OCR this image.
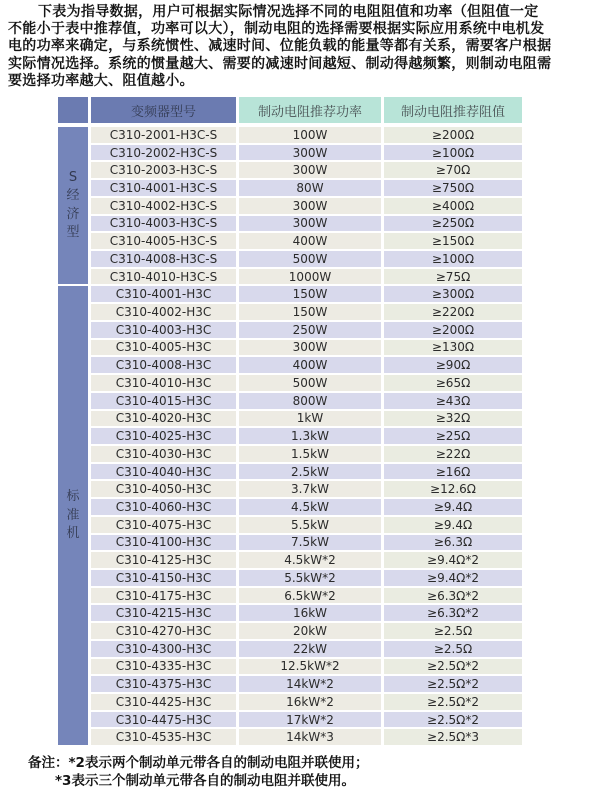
下表为指导数据，用户可根据实际情况选择不同的电阻阻值和功率（但阻值一定
不能小于表中推荐值，功率可以大），制动电阻的选择需要根据实际应用系统中电机发
电的功率来确定，与系统惯性、减速时间、位能负载的能量等都有关系，需要客户根据
实际情况选择。系统的惯量越大、需要的减速时间越短、制动得越频繁，则制动电阻需
要选择功率越大、阻值越小。
变频器型号	制动电阻推荐功率	制动电阻推荐阻值
S
经
济
型
C310-2001-H3C-S	100W	≥200Ω
C310-2002-H3C-S	300W	≥100Ω
C310-2003-H3C-S	300W	≥70Ω
C310-4001-H3C-S	80W	≥750Ω
C310-4002-H3C-S	300W	≥400Ω
C310-4003-H3C-S	300W	≥250Ω
C310-4005-H3C-S	400W	≥150Ω
C310-4008-H3C-S	500W	≥100Ω
C310-4010-H3C-S	1000W	≥75Ω
标
准
机
C310-4001-H3C	150W	≥300Ω
C310-4002-H3C	150W	≥220Ω
C310-4003-H3C	250W	≥200Ω
C310-4005-H3C	300W	≥130Ω
C310-4008-H3C	400W	≥90Ω
C310-4010-H3C	500W	≥65Ω
C310-4015-H3C	800W	≥43Ω
C310-4020-H3C	1kW	≥32Ω
C310-4025-H3C	1.3kW	≥25Ω
C310-4030-H3C	1.5kW	≥22Ω
C310-4040-H3C	2.5kW	≥16Ω
C310-4050-H3C	3.7kW	≥12.6Ω
C310-4060-H3C	4.5kW	≥9.4Ω
C310-4075-H3C	5.5kW	≥9.4Ω
C310-4100-H3C	7.5kW	≥6.3Ω
C310-4125-H3C	4.5kW*2	≥9.4Ω*2
C310-4150-H3C	5.5kW*2	≥9.4Ω*2
C310-4175-H3C	6.5kW*2	≥6.3Ω*2
C310-4215-H3C	16kW	≥6.3Ω*2
C310-4270-H3C	20kW	≥2.5Ω
C310-4300-H3C	22kW	≥2.5Ω
C310-4335-H3C	12.5kW*2	≥2.5Ω*2
C310-4375-H3C	14kW*2	≥2.5Ω*2
C310-4425-H3C	16kW*2	≥2.5Ω*2
C310-4475-H3C	17kW*2	≥2.5Ω*2
C310-4535-H3C	14kW*3	≥2.5Ω*3
备注：*2表示两个制动单元带各自的制动电阻并联使用；
*3表示三个制动单元带各自的制动电阻并联使用。
